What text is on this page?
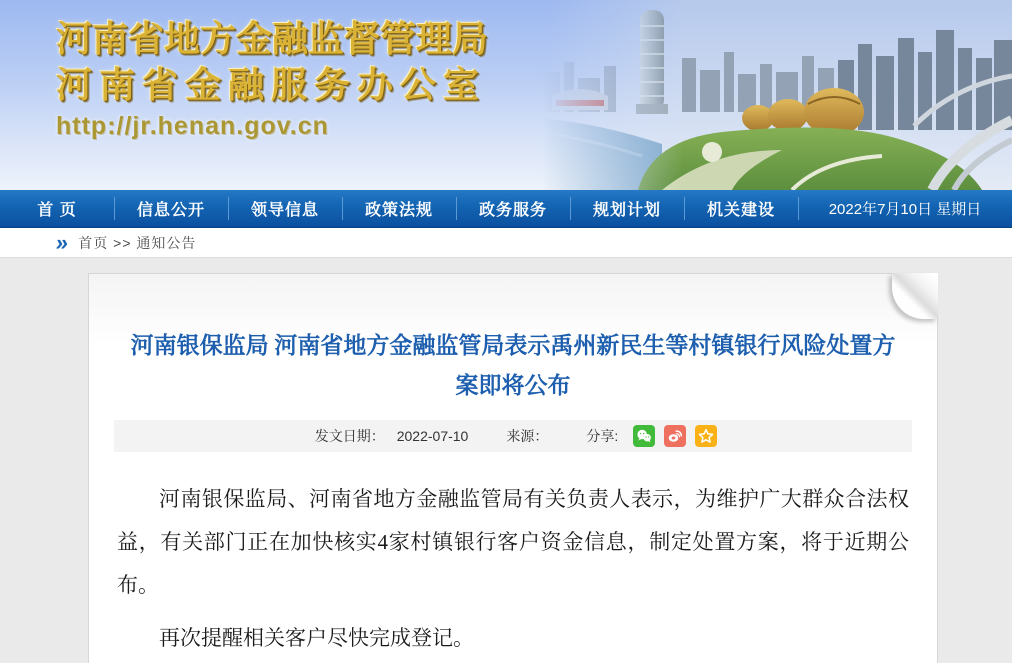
河南省地方金融监督管理局
河南省金融服务办公室
http://jr.henan.gov.cn
首 页	信息公开	领导信息	政策法规	政务服务	规划计划	机关建设	2022年7月10日 星期日
» 首页 >> 通知公告
河南银保监局 河南省地方金融监管局表示禹州新民生等村镇银行风险处置方案即将公布
发文日期： 2022-07-10	来源：	分享:

河南银保监局、河南省地方金融监管局有关负责人表示，为维护广大群众合法权益，有关部门正在加快核实4家村镇银行客户资金信息，制定处置方案，将于近期公布。

再次提醒相关客户尽快完成登记。
